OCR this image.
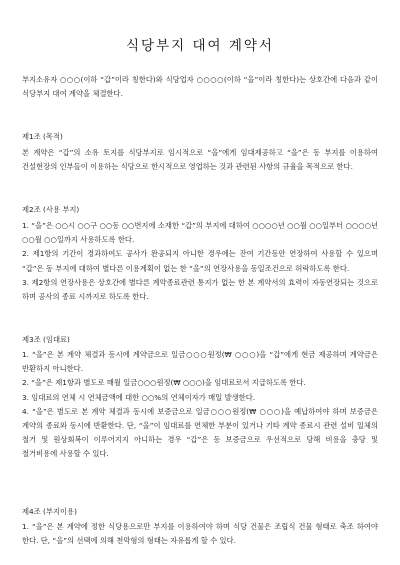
식당부지 대여 계약서
부지소유자 ○○○(이하 “갑”이라 칭한다)와 식당업자 ○○○○(이하 “을”이라 칭한다)는 상호간에 다음과 같이 식당부지 대여 계약을 체결한다.
제1조 (목적)
본 계약은 “갑”의 소유 토지를 식당부지로 임시적으로 “을”에게 임대제공하고 “을”은 동 부지를 이용하여 건설현장의 인부들이 이용하는 식당으로 한시적으로 영업하는 것과 관련된 사항의 규율을 목적으로 한다.
제2조 (사용 부지)

1. “을”은 ○○시 ○○구 ○○동 ○○번지에 소재한 “갑”의 부지에 대하여 ○○○○년 ○○월 ○○일부터 ○○○○년 ○○월 ○○일까지 사용하도록 한다.

2. 제1항의 기간이 경과하여도 공사가 완공되지 아니한 경우에는 잔여 기간동안 연장하여 사용할 수 있으며 “갑”은 동 부지에 대하여 별다른 이용계획이 없는 한 “을”의 연장사용을 동일조건으로 허락하도록 한다.

3. 제2항의 연장사용은 상호간에 별다른 계약종료관련 통지가 없는 한 본 계약서의 효력이 자동연장되는 것으로 하며 공사의 종료 시까지로 하도록 한다.

제3조 (임대료)

1. “을”은 본 계약 체결과 동시에 계약금으로 일금○○○원정(₩ ○○○)을 “갑”에게 현금 제공하며 계약금은 반환하지 아니한다.

2. “을”은 제1항과 별도로 매월 일금○○○원정(₩ ○○○)을 임대료로서 지급하도록 한다.

3. 임대료의 연체 시 연체금액에 대한 ○○%의 연체이자가 매일 발생한다.

4. “을”은 별도로 본 계약 체결과 동시에 보증금으로 일금○○○원정(₩ ○○○)을 예납하여야 하며 보증금은 계약의 종료와 동시에 반환한다. 단, “을”이 임대료를 연체한 부분이 있거나 기타 계약 종료시 관련 설비 일체의 철거 및 원상회복이 이루어지지 아니하는 경우 “갑”은 동 보증금으로 우선적으로 당해 비용을 충당 및 철거비용에 사용할 수 있다.

제4조 (부지이용)

1. “을”은 본 계약에 정한 식당용으로만 부지를 이용하여야 하며 식당 건물은 조립식 건물 형태로 축조 하여야 한다. 단, “을”의 선택에 의해 천막형의 형태는 자유롭게 할 수 있다.
